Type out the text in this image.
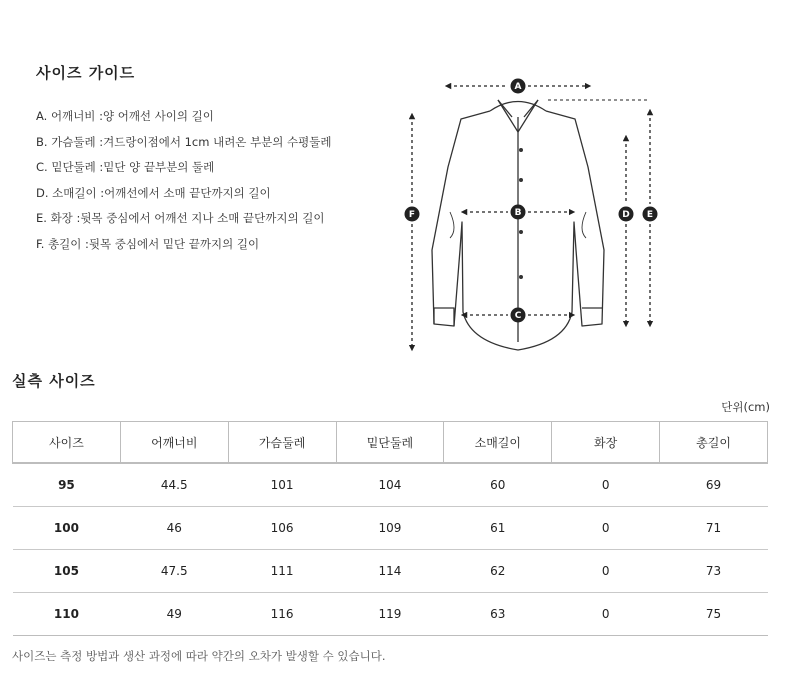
사이즈 가이드
A. 어깨너비 :양 어깨선 사이의 길이
B. 가슴둘레 :겨드랑이점에서 1cm 내려온 부분의 수평둘레
C. 밑단둘레 :밑단 양 끝부분의 둘레
D. 소매길이 :어깨선에서 소매 끝단까지의 길이
E. 화장 :뒷목 중심에서 어깨선 지나 소매 끝단까지의 길이
F. 총길이 :뒷목 중심에서 밑단 끝까지의 길이
A
B
C
D E
F
실측 사이즈
단위(cm)
사이즈	어깨너비	가슴둘레	밑단둘레	소매길이	화장	총길이
95	44.5	101	104	60	0	69
100	46	106	109	61	0	71
105	47.5	111	114	62	0	73
110	49	116	119	63	0	75
사이즈는 측정 방법과 생산 과정에 따라 약간의 오차가 발생할 수 있습니다.
